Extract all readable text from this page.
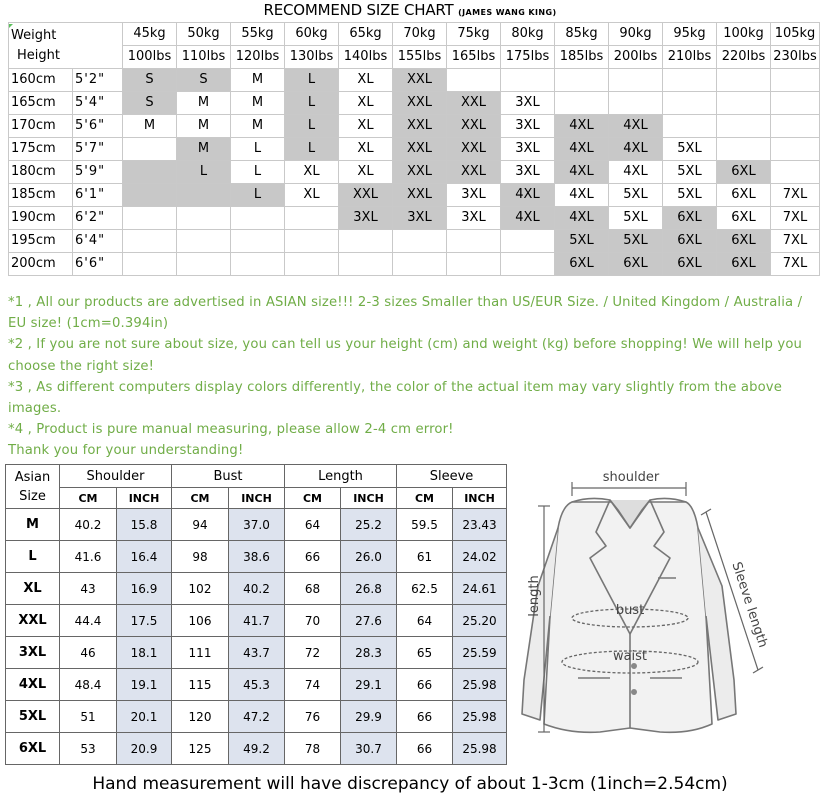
RECOMMEND SIZE CHART (JAMES WANG KING)
Weight
Height		45kg	50kg	55kg	60kg	65kg	70kg	75kg	80kg	85kg	90kg	95kg	100kg	105kg
		100lbs	110lbs	120lbs	130lbs	140lbs	155lbs	165lbs	175lbs	185lbs	200lbs	210lbs	220lbs	230lbs
160cm	5'2"	S	S	M	L	XL	XXL							
165cm	5'4"	S	M	M	L	XL	XXL	XXL	3XL					
170cm	5'6"	M	M	M	L	XL	XXL	XXL	3XL	4XL	4XL			
175cm	5'7"		M	L	L	XL	XXL	XXL	3XL	4XL	4XL	5XL		
180cm	5'9"		L	L	XL	XL	XXL	XXL	3XL	4XL	4XL	5XL	6XL	
185cm	6'1"			L	XL	XXL	XXL	3XL	4XL	4XL	5XL	5XL	6XL	7XL
190cm	6'2"					3XL	3XL	3XL	4XL	4XL	5XL	6XL	6XL	7XL
195cm	6'4"									5XL	5XL	6XL	6XL	7XL
200cm	6'6"									6XL	6XL	6XL	6XL	7XL

*1 , All our products are advertised in ASIAN size!!! 2-3 sizes Smaller than US/EUR Size. / United Kingdom / Australia / EU size! (1cm=0.394in)

*2 , If you are not sure about size, you can tell us your height (cm) and weight (kg) before shopping! We will help you choose the right size!

*3 , As different computers display colors differently, the color of the actual item may vary slightly from the above images.

*4 , Product is pure manual measuring, please allow 2-4 cm error!

Thank you for your understanding!

Asian
Size	Shoulder		Bust		Length		Sleeve	
	CM	INCH	CM	INCH	CM	INCH	CM	INCH
M	40.2	15.8	94	37.0	64	25.2	59.5	23.43
L	41.6	16.4	98	38.6	66	26.0	61	24.02
XL	43	16.9	102	40.2	68	26.8	62.5	24.61
XXL	44.4	17.5	106	41.7	70	27.6	64	25.20
3XL	46	18.1	111	43.7	72	28.3	65	25.59
4XL	48.4	19.1	115	45.3	74	29.1	66	25.98
5XL	51	20.1	120	47.2	76	29.9	66	25.98
6XL	53	20.9	125	49.2	78	30.7	66	25.98
shoulder
length	bust
waist
Sleeve length
Hand measurement will have discrepancy of about 1-3cm (1inch=2.54cm)
